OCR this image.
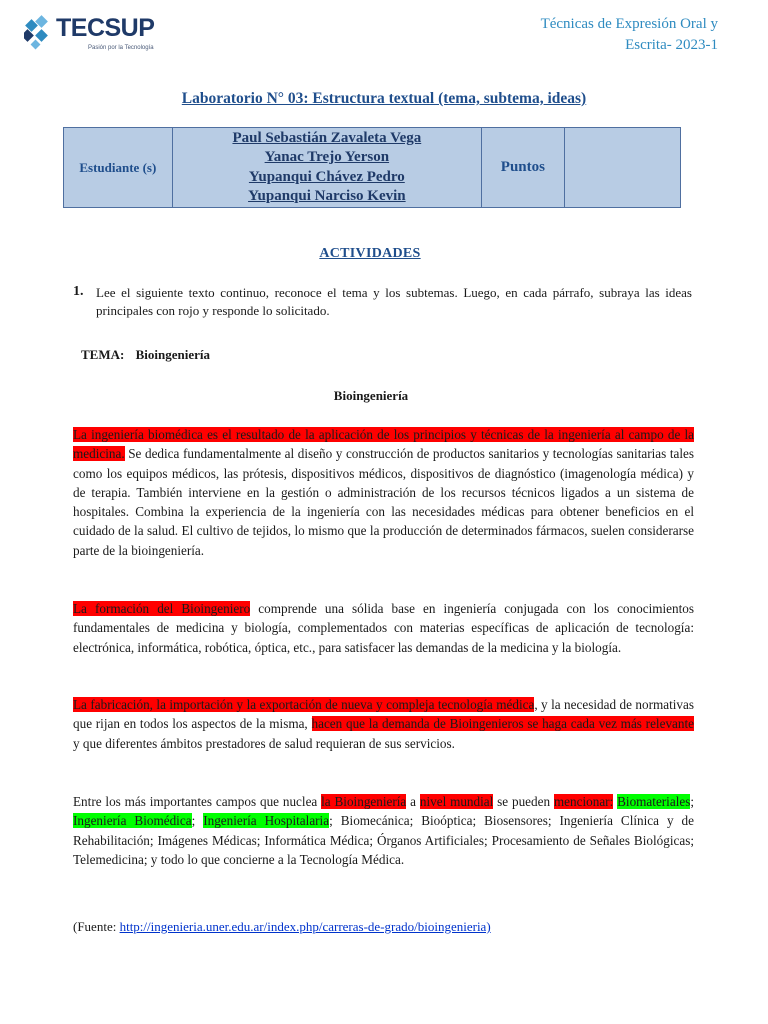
TECSUP
Pasión por la Tecnología
Técnicas de Expresión Oral y
Escrita- 2023-1
Laboratorio N° 03: Estructura textual (tema, subtema, ideas)
Estudiante (s)	
Paul Sebastián Zavaleta Vega
Yanac Trejo Yerson
Yupanqui Chávez Pedro
Yupanqui Narciso Kevin
	Puntos	
ACTIVIDADES
1. Lee el siguiente texto continuo, reconoce el tema y los subtemas. Luego, en cada párrafo, subraya las ideas principales con rojo y responde lo solicitado.
TEMA: Bioingeniería
Bioingeniería

La ingeniería biomédica es el resultado de la aplicación de los principios y técnicas de la ingeniería al campo de la medicina. Se dedica fundamentalmente al diseño y construcción de productos sanitarios y tecnologías sanitarias tales como los equipos médicos, las prótesis, dispositivos médicos, dispositivos de diagnóstico (imagenología médica) y de terapia. También interviene en la gestión o administración de los recursos técnicos ligados a un sistema de hospitales. Combina la experiencia de la ingeniería con las necesidades médicas para obtener beneficios en el cuidado de la salud. El cultivo de tejidos, lo mismo que la producción de determinados fármacos, suelen considerarse parte de la bioingeniería.

La formación del Bioingeniero comprende una sólida base en ingeniería conjugada con los conocimientos fundamentales de medicina y biología, complementados con materias específicas de aplicación de tecnología: electrónica, informática, robótica, óptica, etc., para satisfacer las demandas de la medicina y la biología.

La fabricación, la importación y la exportación de nueva y compleja tecnología médica, y la necesidad de normativas que rijan en todos los aspectos de la misma, hacen que la demanda de Bioingenieros se haga cada vez más relevante y que diferentes ámbitos prestadores de salud requieran de sus servicios.

Entre los más importantes campos que nuclea la Bioingeniería a nivel mundial se pueden mencionar: Biomateriales; Ingeniería Biomédica; Ingeniería Hospitalaria; Biomecánica; Bioóptica; Biosensores; Ingeniería Clínica y de Rehabilitación; Imágenes Médicas; Informática Médica; Órganos Artificiales; Procesamiento de Señales Biológicas; Telemedicina; y todo lo que concierne a la Tecnología Médica.

(Fuente: http://ingenieria.uner.edu.ar/index.php/carreras-de-grado/bioingenieria)
